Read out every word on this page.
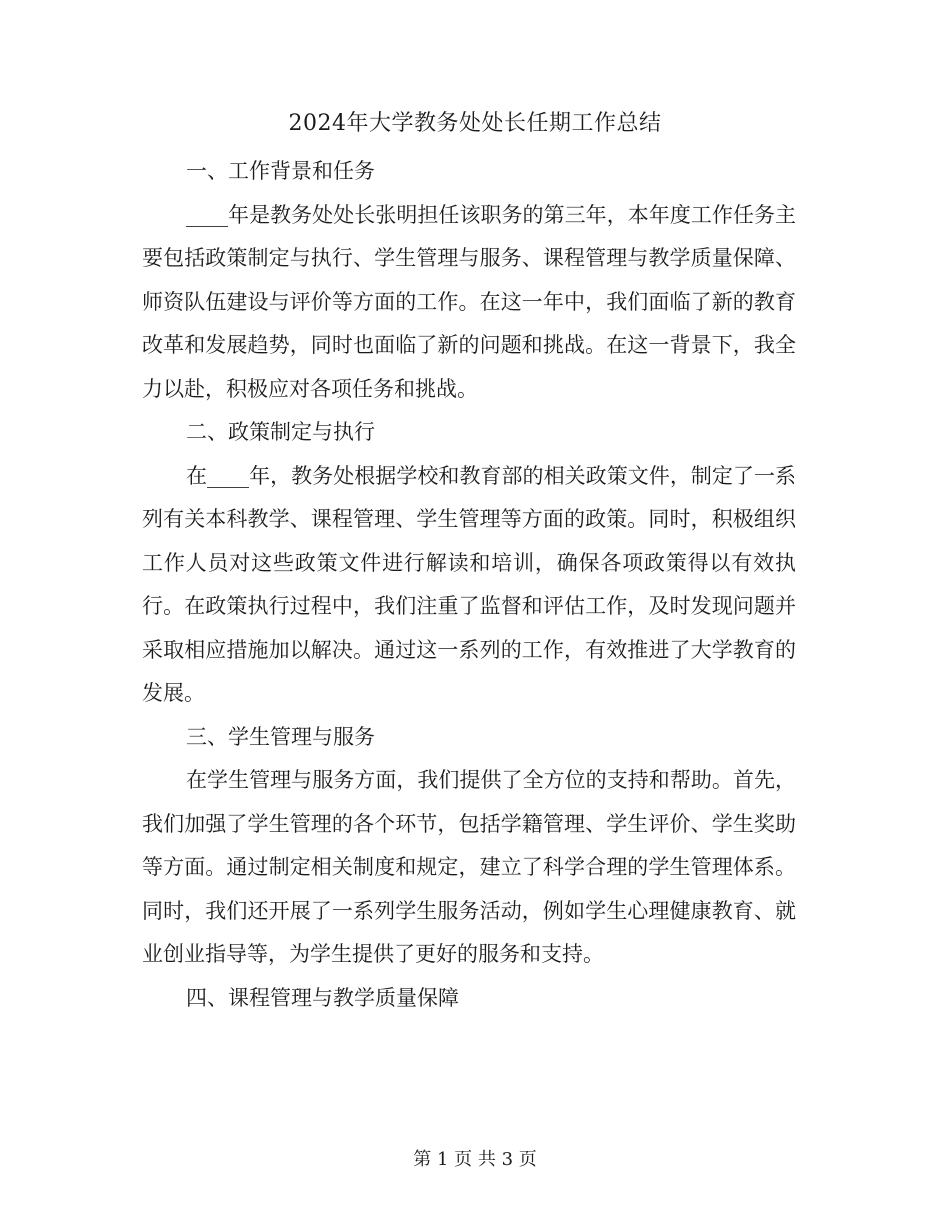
2024年大学教务处处长任期工作总结

一、工作背景和任务

____年是教务处处长张明担任该职务的第三年，本年度工作任务主要包括政策制定与执行、学生管理与服务、课程管理与教学质量保障、师资队伍建设与评价等方面的工作。在这一年中，我们面临了新的教育改革和发展趋势，同时也面临了新的问题和挑战。在这一背景下，我全力以赴，积极应对各项任务和挑战。

二、政策制定与执行

在____年，教务处根据学校和教育部的相关政策文件，制定了一系列有关本科教学、课程管理、学生管理等方面的政策。同时，积极组织工作人员对这些政策文件进行解读和培训，确保各项政策得以有效执行。在政策执行过程中，我们注重了监督和评估工作，及时发现问题并采取相应措施加以解决。通过这一系列的工作，有效推进了大学教育的发展。

三、学生管理与服务

在学生管理与服务方面，我们提供了全方位的支持和帮助。首先，我们加强了学生管理的各个环节，包括学籍管理、学生评价、学生奖助等方面。通过制定相关制度和规定，建立了科学合理的学生管理体系。同时，我们还开展了一系列学生服务活动，例如学生心理健康教育、就业创业指导等，为学生提供了更好的服务和支持。

四、课程管理与教学质量保障

第 1 页 共 3 页
